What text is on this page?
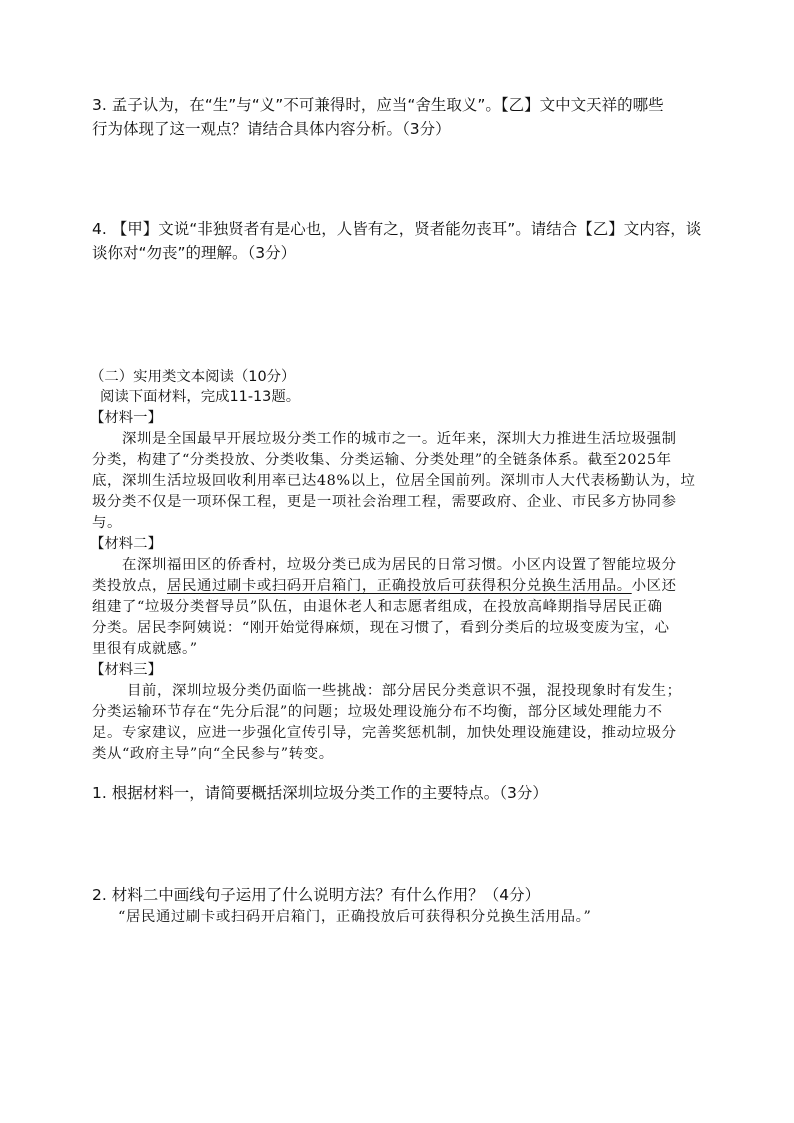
3. 孟子认为，在“生”与“义”不可兼得时，应当“舍生取义”。【乙】文中文天祥的哪些
行为体现了这一观点？请结合具体内容分析。（3分）
4. 【甲】文说“非独贤者有是心也，人皆有之，贤者能勿丧耳”。请结合【乙】文内容，谈
谈你对“勿丧”的理解。（3分）
（二）实用类文本阅读（10分）
阅读下面材料，完成11-13题。
【材料一】
深圳是全国最早开展垃圾分类工作的城市之一。近年来，深圳大力推进生活垃圾强制
分类，构建了“分类投放、分类收集、分类运输、分类处理”的全链条体系。截至2025年
底，深圳生活垃圾回收利用率已达48%以上，位居全国前列。深圳市人大代表杨勤认为，垃
圾分类不仅是一项环保工程，更是一项社会治理工程，需要政府、企业、市民多方协同参
与。
【材料二】
在深圳福田区的侨香村，垃圾分类已成为居民的日常习惯。小区内设置了智能垃圾分
类投放点，居民通过刷卡或扫码开启箱门，正确投放后可获得积分兑换生活用品。小区还
组建了“垃圾分类督导员”队伍，由退休老人和志愿者组成，在投放高峰期指导居民正确
分类。居民李阿姨说：“刚开始觉得麻烦，现在习惯了，看到分类后的垃圾变废为宝，心
里很有成就感。”
【材料三】
目前，深圳垃圾分类仍面临一些挑战：部分居民分类意识不强，混投现象时有发生；
分类运输环节存在“先分后混”的问题；垃圾处理设施分布不均衡，部分区域处理能力不
足。专家建议，应进一步强化宣传引导，完善奖惩机制，加快处理设施建设，推动垃圾分
类从“政府主导”向“全民参与”转变。
1. 根据材料一，请简要概括深圳垃圾分类工作的主要特点。（3分）
2. 材料二中画线句子运用了什么说明方法？有什么作用？（4分）
“居民通过刷卡或扫码开启箱门，正确投放后可获得积分兑换生活用品。”
